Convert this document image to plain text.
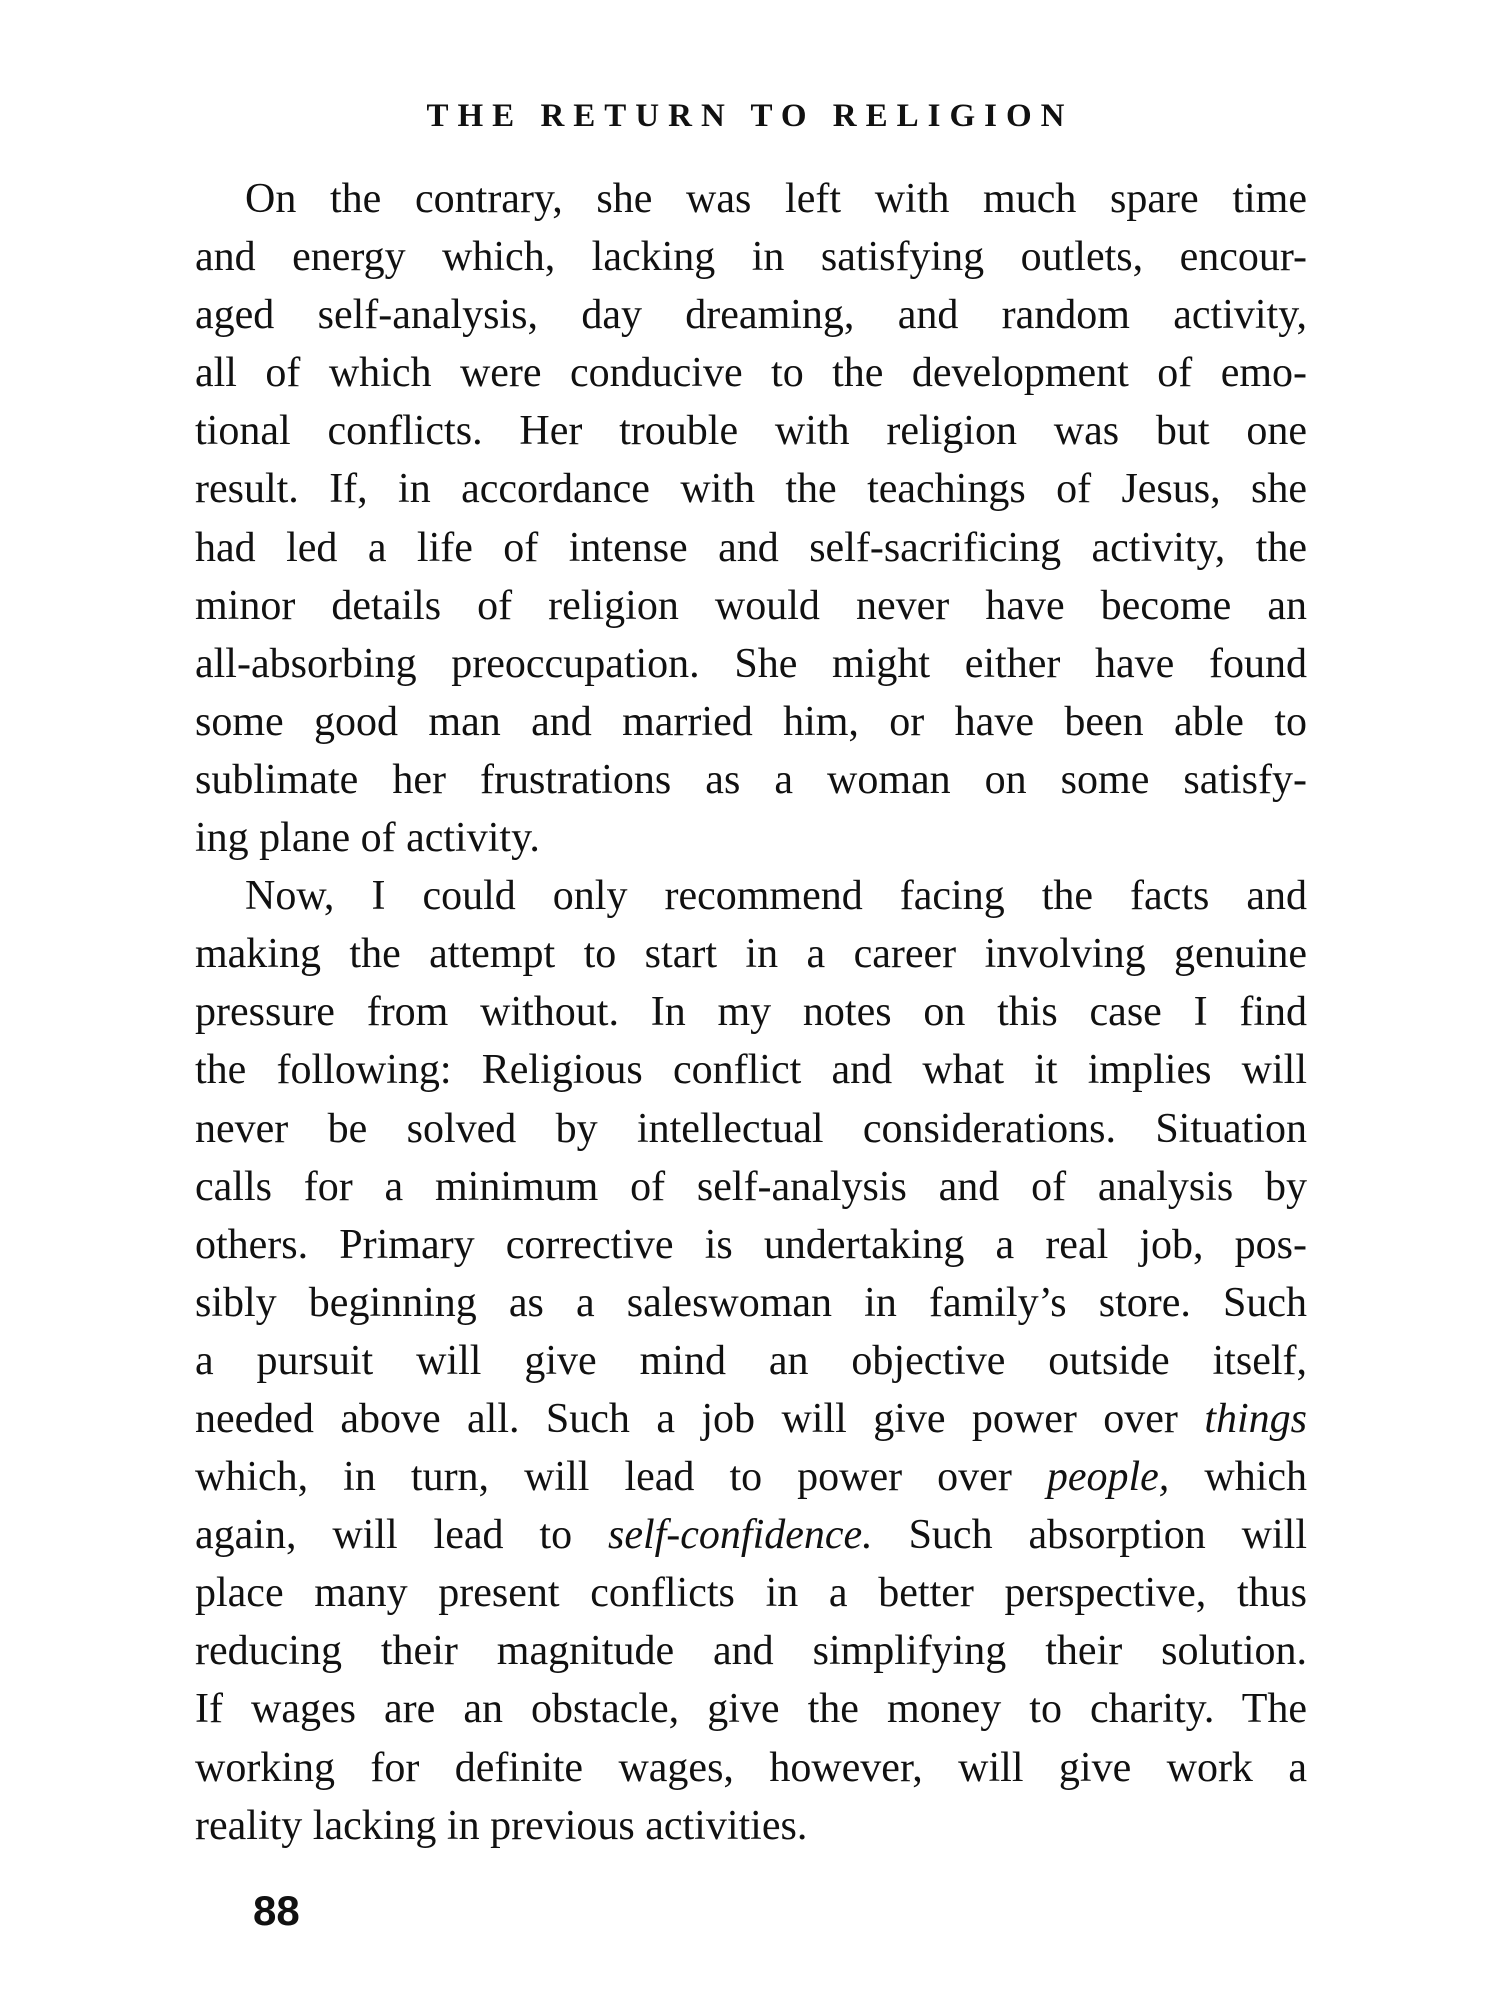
THE RETURN TO RELIGION
On the contrary, she was left with much spare time
and energy which, lacking in satisfying outlets, encour-
aged self-analysis, day dreaming, and random activity,
all of which were conducive to the development of emo-
tional conflicts. Her trouble with religion was but one
result. If, in accordance with the teachings of Jesus, she
had led a life of intense and self-sacrificing activity, the
minor details of religion would never have become an
all-absorbing preoccupation. She might either have found
some good man and married him, or have been able to
sublimate her frustrations as a woman on some satisfy-
ing plane of activity.
Now, I could only recommend facing the facts and
making the attempt to start in a career involving genuine
pressure from without. In my notes on this case I find
the following: Religious conflict and what it implies will
never be solved by intellectual considerations. Situation
calls for a minimum of self-analysis and of analysis by
others. Primary corrective is undertaking a real job, pos-
sibly beginning as a saleswoman in family’s store. Such
a pursuit will give mind an objective outside itself,
needed above all. Such a job will give power over things
which, in turn, will lead to power over people, which
again, will lead to self-confidence. Such absorption will
place many present conflicts in a better perspective, thus
reducing their magnitude and simplifying their solution.
If wages are an obstacle, give the money to charity. The
working for definite wages, however, will give work a
reality lacking in previous activities.
88
